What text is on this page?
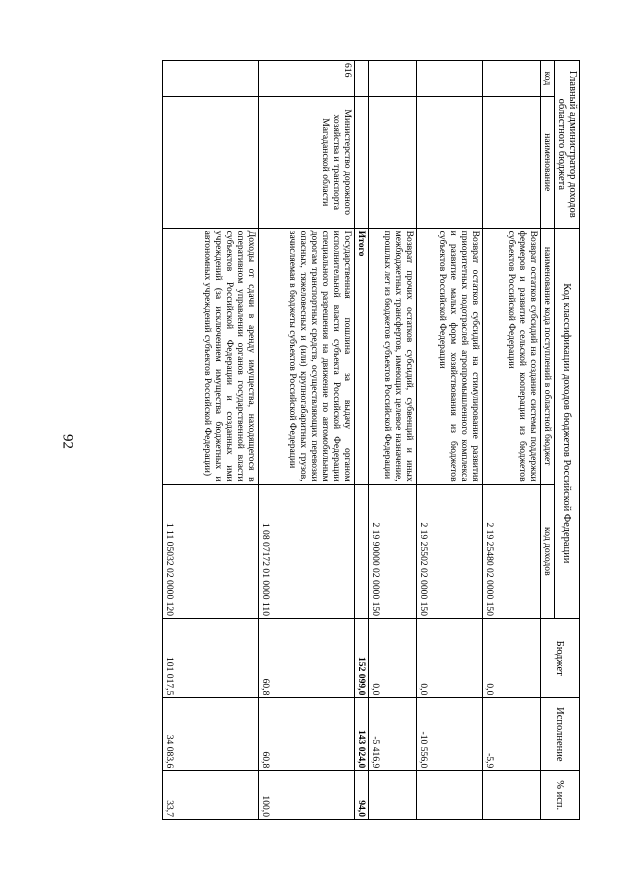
92
Главный администратор доходов областного бюджета		Код классификации доходов бюджетов Российской Федерации		Бюджет	Исполнение	% исп.
код	наименование	наименование кода поступлений в областной бюджет	код доходов			
		Возврат остатков субсидий на создание системы поддержки фермеров и развитие сельской кооперации из бюджетов субъектов Российской Федерации	2 19 25480 02 0000 150	0,0	-5,9	
		Возврат остатков субсидий на стимулирование развития приоритетных подотраслей агропромышленного комплекса и развитие малых форм хозяйствования из бюджетов субъектов Российской Федерации	2 19 25502 02 0000 150	0,0	-10 556,0	
		Возврат прочих остатков субсидий, субвенций и иных межбюджетных трансфертов, имеющих целевое назначение, прошлых лет из бюджетов субъектов Российской Федерации	2 19 90000 02 0000 150	0,0	-5 416,9	
		Итого		152 099,0	143 024,0	94,0
616	Министерство дорожного хозяйства и транспорта Магаданской области	Государственная пошлина за выдачу органом исполнительной власти субъекта Российской Федерации специального разрешения на движение по автомобильным дорогам транспортных средств, осуществляющих перевозки опасных, тяжеловесных и (или) крупногабаритных грузов, зачисляемая в бюджеты субъектов Российской Федерации	1 08 07172 01 0000 110	60,8	60,8	100,0
		Доходы от сдачи в аренду имущества, находящегося в оперативном управлении органов государственной власти субъектов Российской Федерации и созданных ими учреждений (за исключением имущества бюджетных и автономных учреждений субъектов Российской Федерации)	1 11 05032 02 0000 120	101 017,5	34 083,6	33,7
